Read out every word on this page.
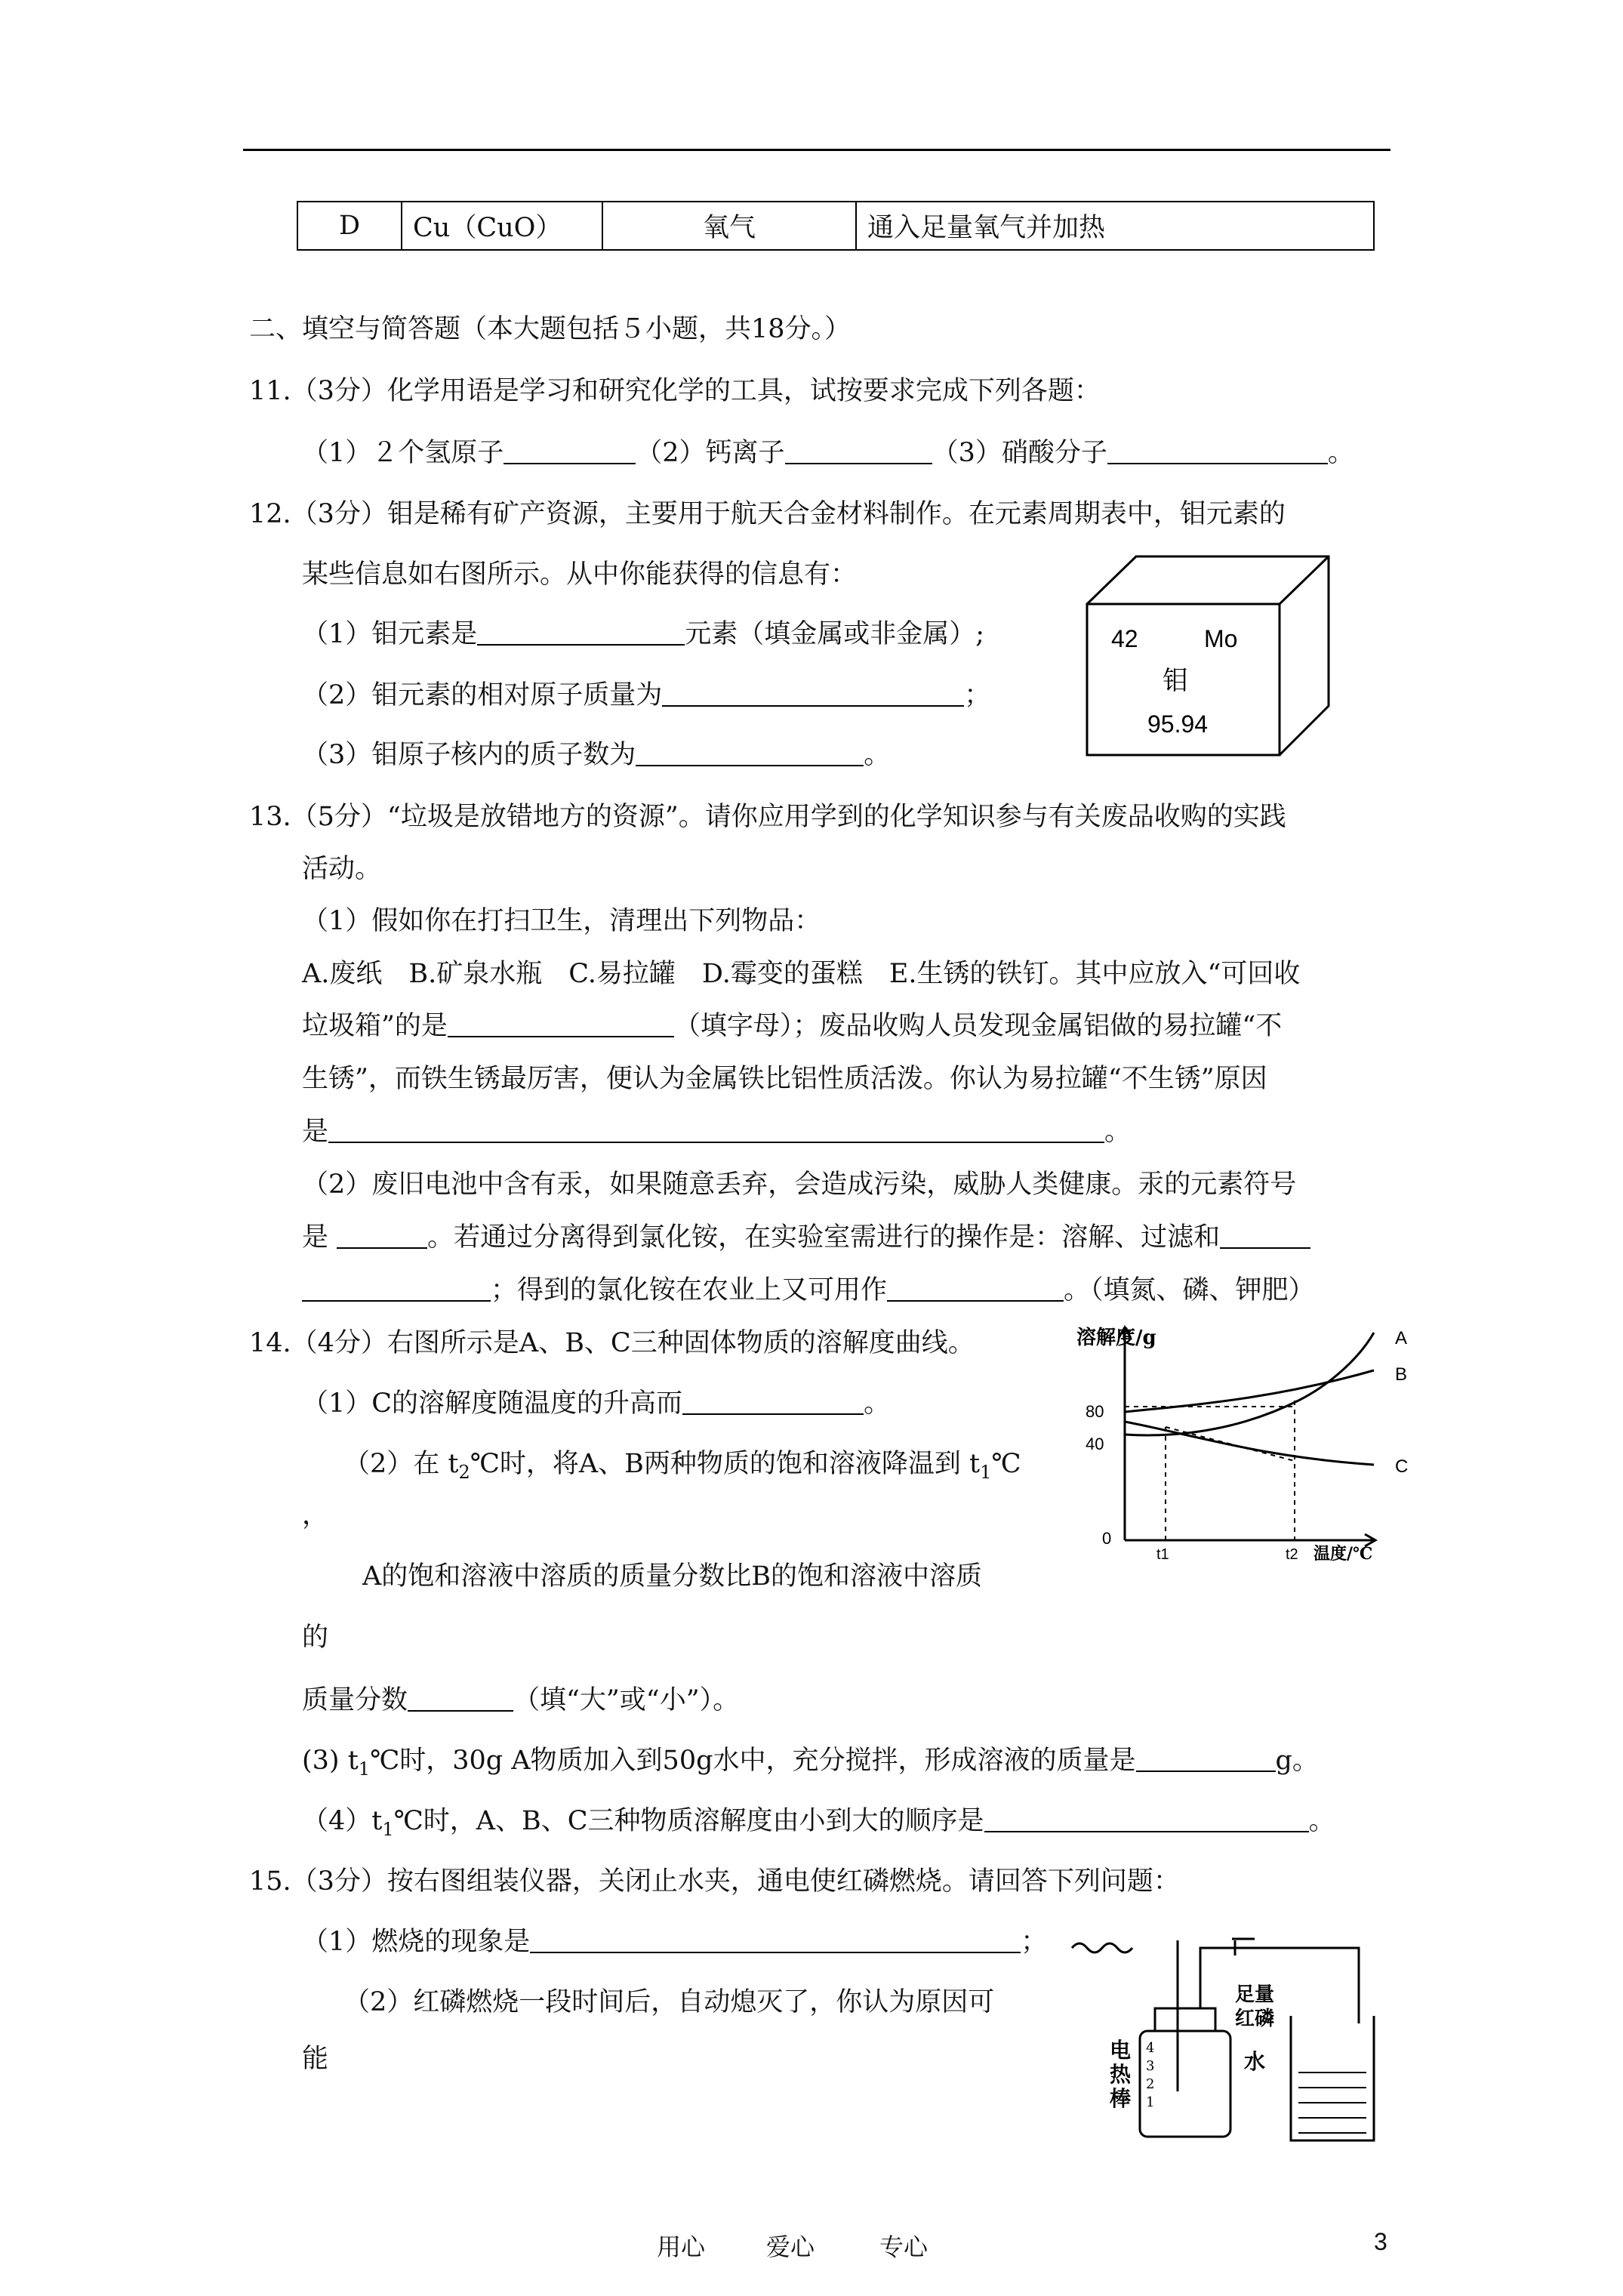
D	Cu（CuO）	氧气	通入足量氧气并加热
二、填空与简答题（本大题包括５小题，共18分。）
11.（3分）化学用语是学习和研究化学的工具，试按要求完成下列各题：
（1）２个氢原子	（2）钙离子	（3）硝酸分子	。
12.（3分）钼是稀有矿产资源，主要用于航天合金材料制作。在元素周期表中，钼元素的
某些信息如右图所示。从中你能获得的信息有：
（1）钼元素是	元素（填金属或非金属）;
（2）钼元素的相对原子质量为	；
（3）钼原子核内的质子数为	。
42	Mo
钼
95.94
13.（5分）“垃圾是放错地方的资源”。请你应用学到的化学知识参与有关废品收购的实践
活动。
（1）假如你在打扫卫生，清理出下列物品：
A.废纸　B.矿泉水瓶　C.易拉罐　D.霉变的蛋糕　E.生锈的铁钉。其中应放入“可回收
垃圾箱”的是	（填字母）；废品收购人员发现金属铝做的易拉罐“不
生锈”，而铁生锈最厉害，便认为金属铁比铝性质活泼。你认为易拉罐“不生锈”原因
是	。
（2）废旧电池中含有汞，如果随意丢弃，会造成污染，威胁人类健康。汞的元素符号
是	。若通过分离得到氯化铵，在实验室需进行的操作是：溶解、过滤和
；得到的氯化铵在农业上又可用作	。（填氮、磷、钾肥）
14.（4分）右图所示是A、B、C三种固体物质的溶解度曲线。
（1）C的溶解度随温度的升高而	。
（2）在 $t_2℃$时，将A、B两种物质的饱和溶液降温到 $t_1℃$
，
A的饱和溶液中溶质的质量分数比B的饱和溶液中溶质
的
质量分数	（填“大”或“小”）。
(3) $t_1℃$时，30g A物质加入到50g水中，充分搅拌，形成溶液的质量是	g。
$(4)t_1℃$时，A、B、C三种物质溶解度由小到大的顺序是	。
溶解度/g
80
40
0
t1	t2 温度/℃
A
B
C
15.（3分）按右图组装仪器，关闭止水夹，通电使红磷燃烧。请回答下列问题：
（1）燃烧的现象是	；
（2）红磷燃烧一段时间后，自动熄灭了，你认为原因可
能	电
热
棒
4
3
2
1
足量
红磷
水
用心	爱心	专心	3
